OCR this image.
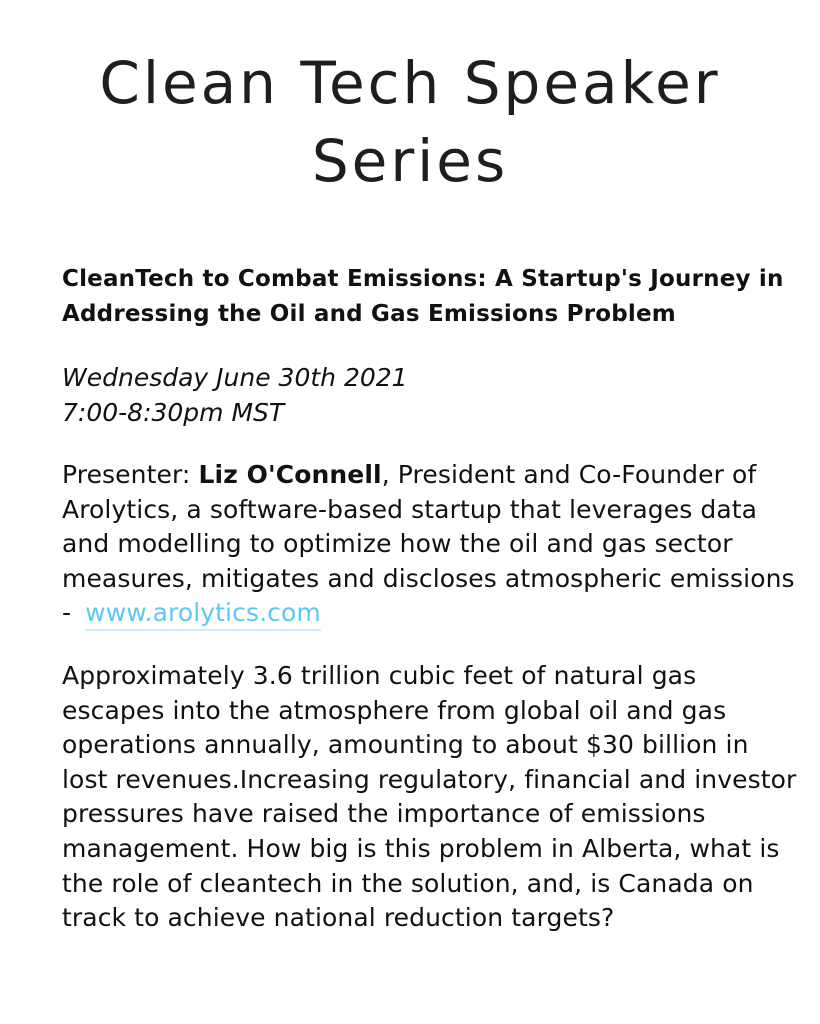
Clean Tech Speaker
Series
CleanTech to Combat Emissions: A Startup's Journey in Addressing the Oil and Gas Emissions Problem

Wednesday June 30th 2021
7:00-8:30pm MST

Presenter: Liz O'Connell, President and Co-Founder of Arolytics, a software-based startup that leverages data and modelling to optimize how the oil and gas sector measures, mitigates and discloses atmospheric emissions - www.arolytics.com

Approximately 3.6 trillion cubic feet of natural gas escapes into the atmosphere from global oil and gas operations annually, amounting to about $30 billion in lost revenues.Increasing regulatory, financial and investor pressures have raised the importance of emissions management. How big is this problem in Alberta, what is the role of cleantech in the solution, and, is Canada on track to achieve national reduction targets?
